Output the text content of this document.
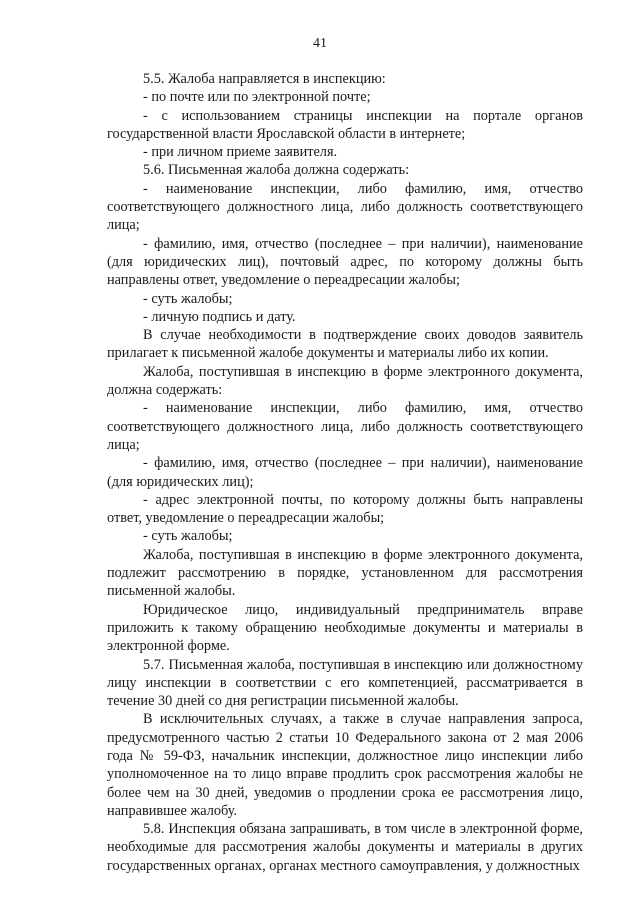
41

5.5. Жалоба направляется в инспекцию:

- по почте или по электронной почте;

- с использованием страницы инспекции на портале органов государственной власти Ярославской области в интернете;

- при личном приеме заявителя.

5.6. Письменная жалоба должна содержать:

- наименование инспекции, либо фамилию, имя, отчество соответствующего должностного лица, либо должность соответствующего лица;

- фамилию, имя, отчество (последнее – при наличии), наименование (для юридических лиц), почтовый адрес, по которому должны быть направлены ответ, уведомление о переадресации жалобы;

- суть жалобы;

- личную подпись и дату.

В случае необходимости в подтверждение своих доводов заявитель прилагает к письменной жалобе документы и материалы либо их копии.

Жалоба, поступившая в инспекцию в форме электронного документа, должна содержать:

- наименование инспекции, либо фамилию, имя, отчество соответствующего должностного лица, либо должность соответствующего лица;

- фамилию, имя, отчество (последнее – при наличии), наименование (для юридических лиц);

- адрес электронной почты, по которому должны быть направлены ответ, уведомление о переадресации жалобы;

- суть жалобы;

Жалоба, поступившая в инспекцию в форме электронного документа, подлежит рассмотрению в порядке, установленном для рассмотрения письменной жалобы.

Юридическое лицо, индивидуальный предприниматель вправе приложить к такому обращению необходимые документы и материалы в электронной форме.

5.7. Письменная жалоба, поступившая в инспекцию или должностному лицу инспекции в соответствии с его компетенцией, рассматривается в течение 30 дней со дня регистрации письменной жалобы.

В исключительных случаях, а также в случае направления запроса, предусмотренного частью 2 статьи 10 Федерального закона от 2 мая 2006 года № 59-ФЗ, начальник инспекции, должностное лицо инспекции либо уполномоченное на то лицо вправе продлить срок рассмотрения жалобы не более чем на 30 дней, уведомив о продлении срока ее рассмотрения лицо, направившее жалобу.

5.8. Инспекция обязана запрашивать, в том числе в электронной форме, необходимые для рассмотрения жалобы документы и материалы в других государственных органах, органах местного самоуправления, у должностных
